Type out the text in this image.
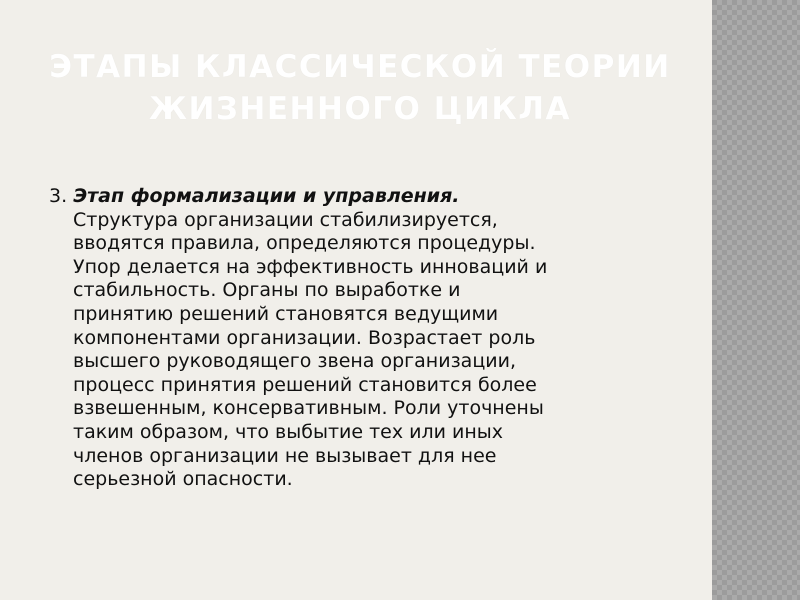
ЭТАПЫ КЛАССИЧЕСКОЙ ТЕОРИИ
ЖИЗНЕННОГО ЦИКЛА
3. Этап формализации и управления.
Структура организации стабилизируется,
вводятся правила, определяются процедуры.
Упор делается на эффективность инноваций и
стабильность. Органы по выработке и
принятию решений становятся ведущими
компонентами организации. Возрастает роль
высшего руководящего звена организации,
процесс принятия решений становится более
взвешенным, консервативным. Роли уточнены
таким образом, что выбытие тех или иных
членов организации не вызывает для нее
серьезной опасности.
